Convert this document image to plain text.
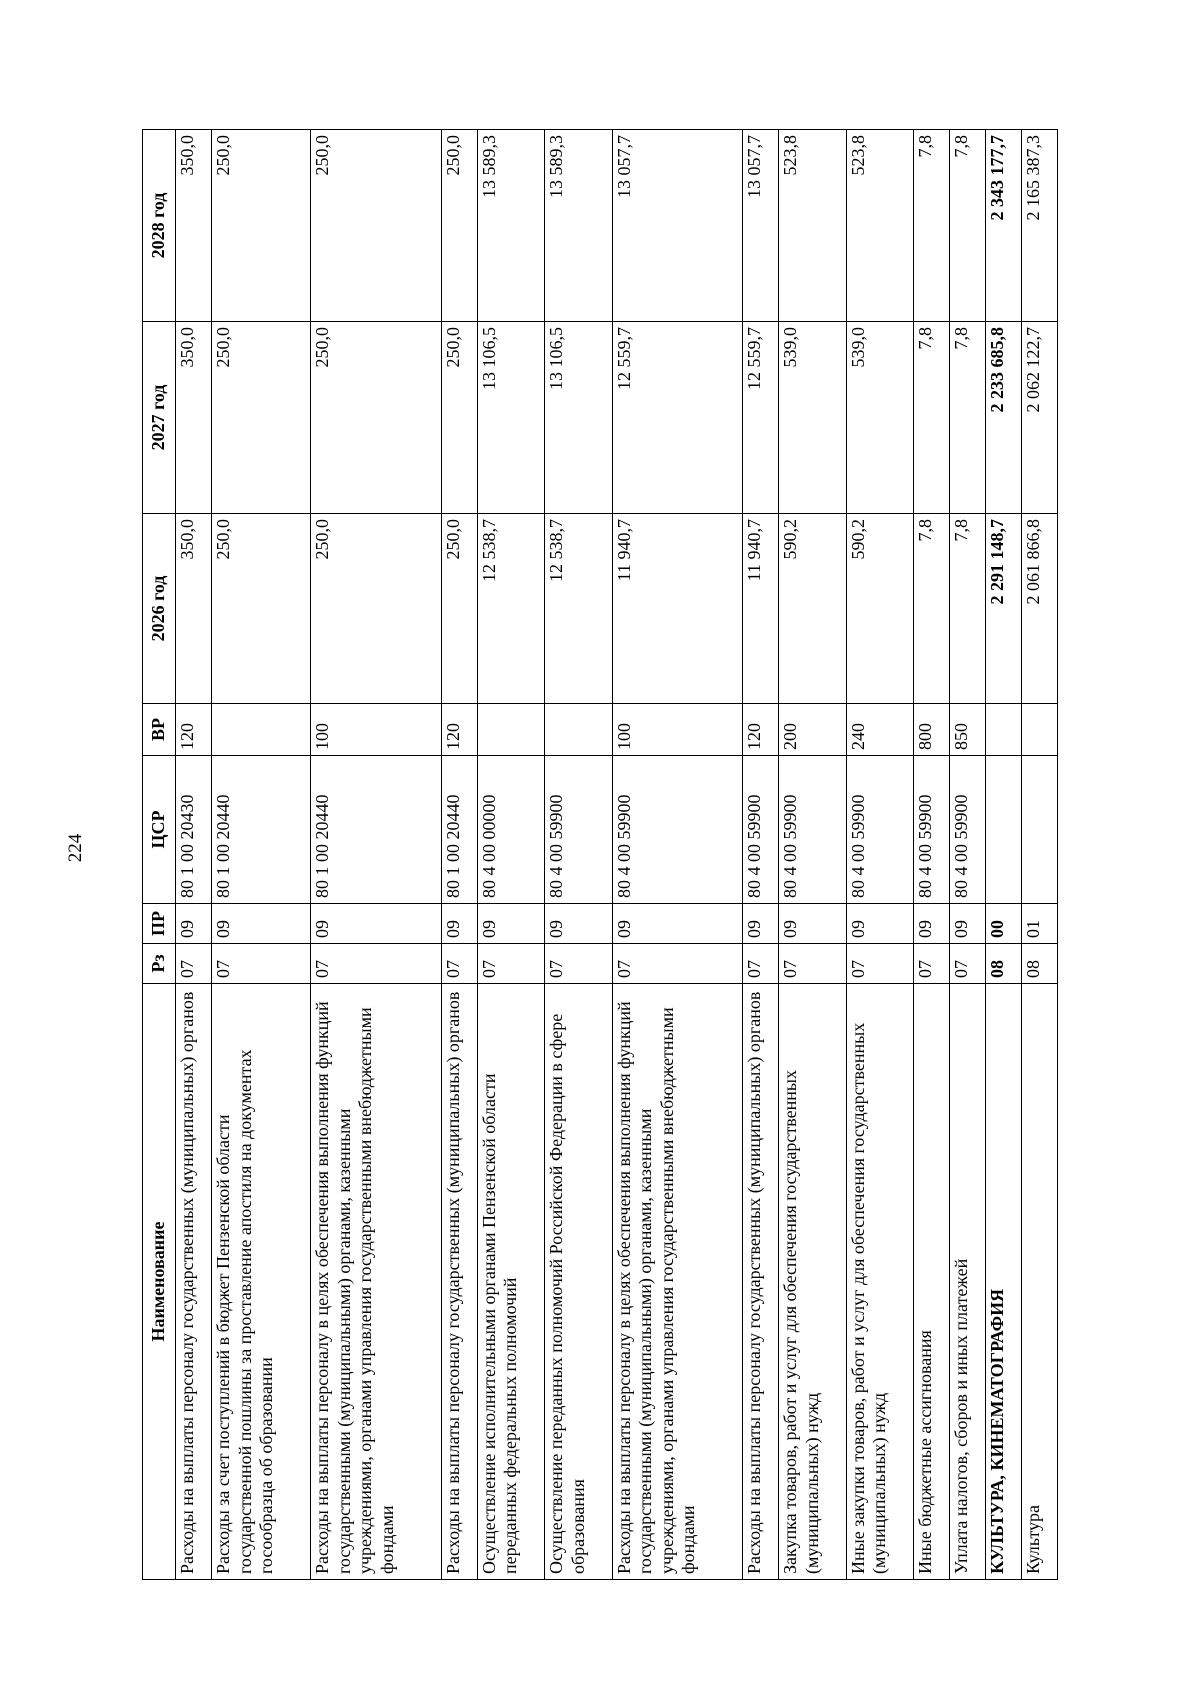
224
Наименование	Рз	ПР	ЦСР	ВР	2026 год	2027 год	2028 год
Расходы на выплаты персоналу государственных (муниципальных) органов	07	09	80 1 00 20430	120	350,0	350,0	350,0
Расходы за счет поступлений в бюджет Пензенской области государственной пошлины за проставление апостиля на документах госообразца об образовании	07	09	80 1 00 20440		250,0	250,0	250,0
Расходы на выплаты персоналу в целях обеспечения выполнения функций государственными (муниципальными) органами, казенными учреждениями, органами управления государственными внебюджетными фондами	07	09	80 1 00 20440	100	250,0	250,0	250,0
Расходы на выплаты персоналу государственных (муниципальных) органов	07	09	80 1 00 20440	120	250,0	250,0	250,0
Осуществление исполнительными органами Пензенской области переданных федеральных полномочий	07	09	80 4 00 00000		12 538,7	13 106,5	13 589,3
Осуществление переданных полномочий Российской Федерации в сфере образования	07	09	80 4 00 59900		12 538,7	13 106,5	13 589,3
Расходы на выплаты персоналу в целях обеспечения выполнения функций государственными (муниципальными) органами, казенными учреждениями, органами управления государственными внебюджетными фондами	07	09	80 4 00 59900	100	11 940,7	12 559,7	13 057,7
Расходы на выплаты персоналу государственных (муниципальных) органов	07	09	80 4 00 59900	120	11 940,7	12 559,7	13 057,7
Закупка товаров, работ и услуг для обеспечения государственных (муниципальных) нужд	07	09	80 4 00 59900	200	590,2	539,0	523,8
Иные закупки товаров, работ и услуг для обеспечения государственных (муниципальных) нужд	07	09	80 4 00 59900	240	590,2	539,0	523,8
Иные бюджетные ассигнования	07	09	80 4 00 59900	800	7,8	7,8	7,8
Уплата налогов, сборов и иных платежей	07	09	80 4 00 59900	850	7,8	7,8	7,8
КУЛЬТУРА, КИНЕМАТОГРАФИЯ	08	00			2 291 148,7	2 233 685,8	2 343 177,7
Культура	08	01			2 061 866,8	2 062 122,7	2 165 387,3
